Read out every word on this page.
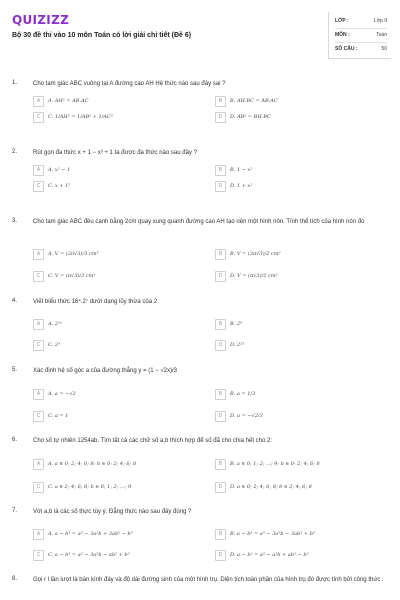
QUIZIZZ
Bộ 30 đề thi vào 10 môn Toán có lời giải chi tiết (Đề 6)
LỚP :	Lớp 9
MÔN :	Toán
SỐ CÂU :	50
1.	Cho tam giác ABC vuông tại A đường cao AH Hệ thức nào sau đây sai ?
A	A. AH² = AB.AC	B	B. AH.BC = AB.AC
C	C. 1/AH² = 1/AB² + 1/AC²	D	D. AB² = BH.BC
2.	Rút gọn đa thức x + 1 − x³ + 1 ta được đa thức nào sau đây ?
A	A. x² − 1	B	B. 1 − x²
C	C. x + 1²	D	D. 1 + x²
3.	Cho tam giác ABC đều cạnh bằng 2cm quay xung quanh đường cao AH tạo nên một hình nón. Tính thể tích của hình nón đó
A	A. V = (2π√3)/3 cm³	B	B. V = (3π√3)/2 cm³
C	C. V = (π√3)/3 cm³	D	D. V = (π√3)/2 cm³
4.	Viết biểu thức 16⁴.2⁷ dưới dạng lũy thừa của 2
A	A. 2¹¹	B	B. 2⁹
C	C. 2³	D	D. 2²⁵
5.	Xác định hệ số góc a của đường thẳng y = (1 − √2x)/3
A	A. a = −√2	B	B. a = 1/3
C	C. a = 1	D	D. a = −√2/3
6.	Cho số tự nhiên 1254ab. Tìm tất cả các chữ số a,b thích hợp để số đã cho chia hết cho 2:
A	A. a ∈ 0; 2; 4; 6; 8; b ∈ 0; 2; 4; 6; 8	B	B. a ∈ 0; 1; 2; ...; 9; b ∈ 0; 2; 4; 6; 8
C	C. a ∈ 2; 4; 6; 8; b ∈ 0; 1; 2; ...; 9	D	D. a ∈ 0; 2; 4; 6; 8; b ∈ 2; 4; 6; 8
7.	Với a,b là các số thực tùy ý. Đẳng thức nào sau đây đúng ?
A	A. a − b³ = a³ − 3a²b + 3ab² − b³	B	B. a − b³ = a³ − 3a²b − 3ab² + b³
C	C. a − b³ = a³ − 3a²b − ab² + b³	D	D. a − b² = a³ − a²b + ab² − b³
8.	Gọi r l lần lượt là bán kính đáy và độ dài đường sinh của một hình trụ. Diện tích toàn phần của hình trụ đó được tính bởi công thức :
